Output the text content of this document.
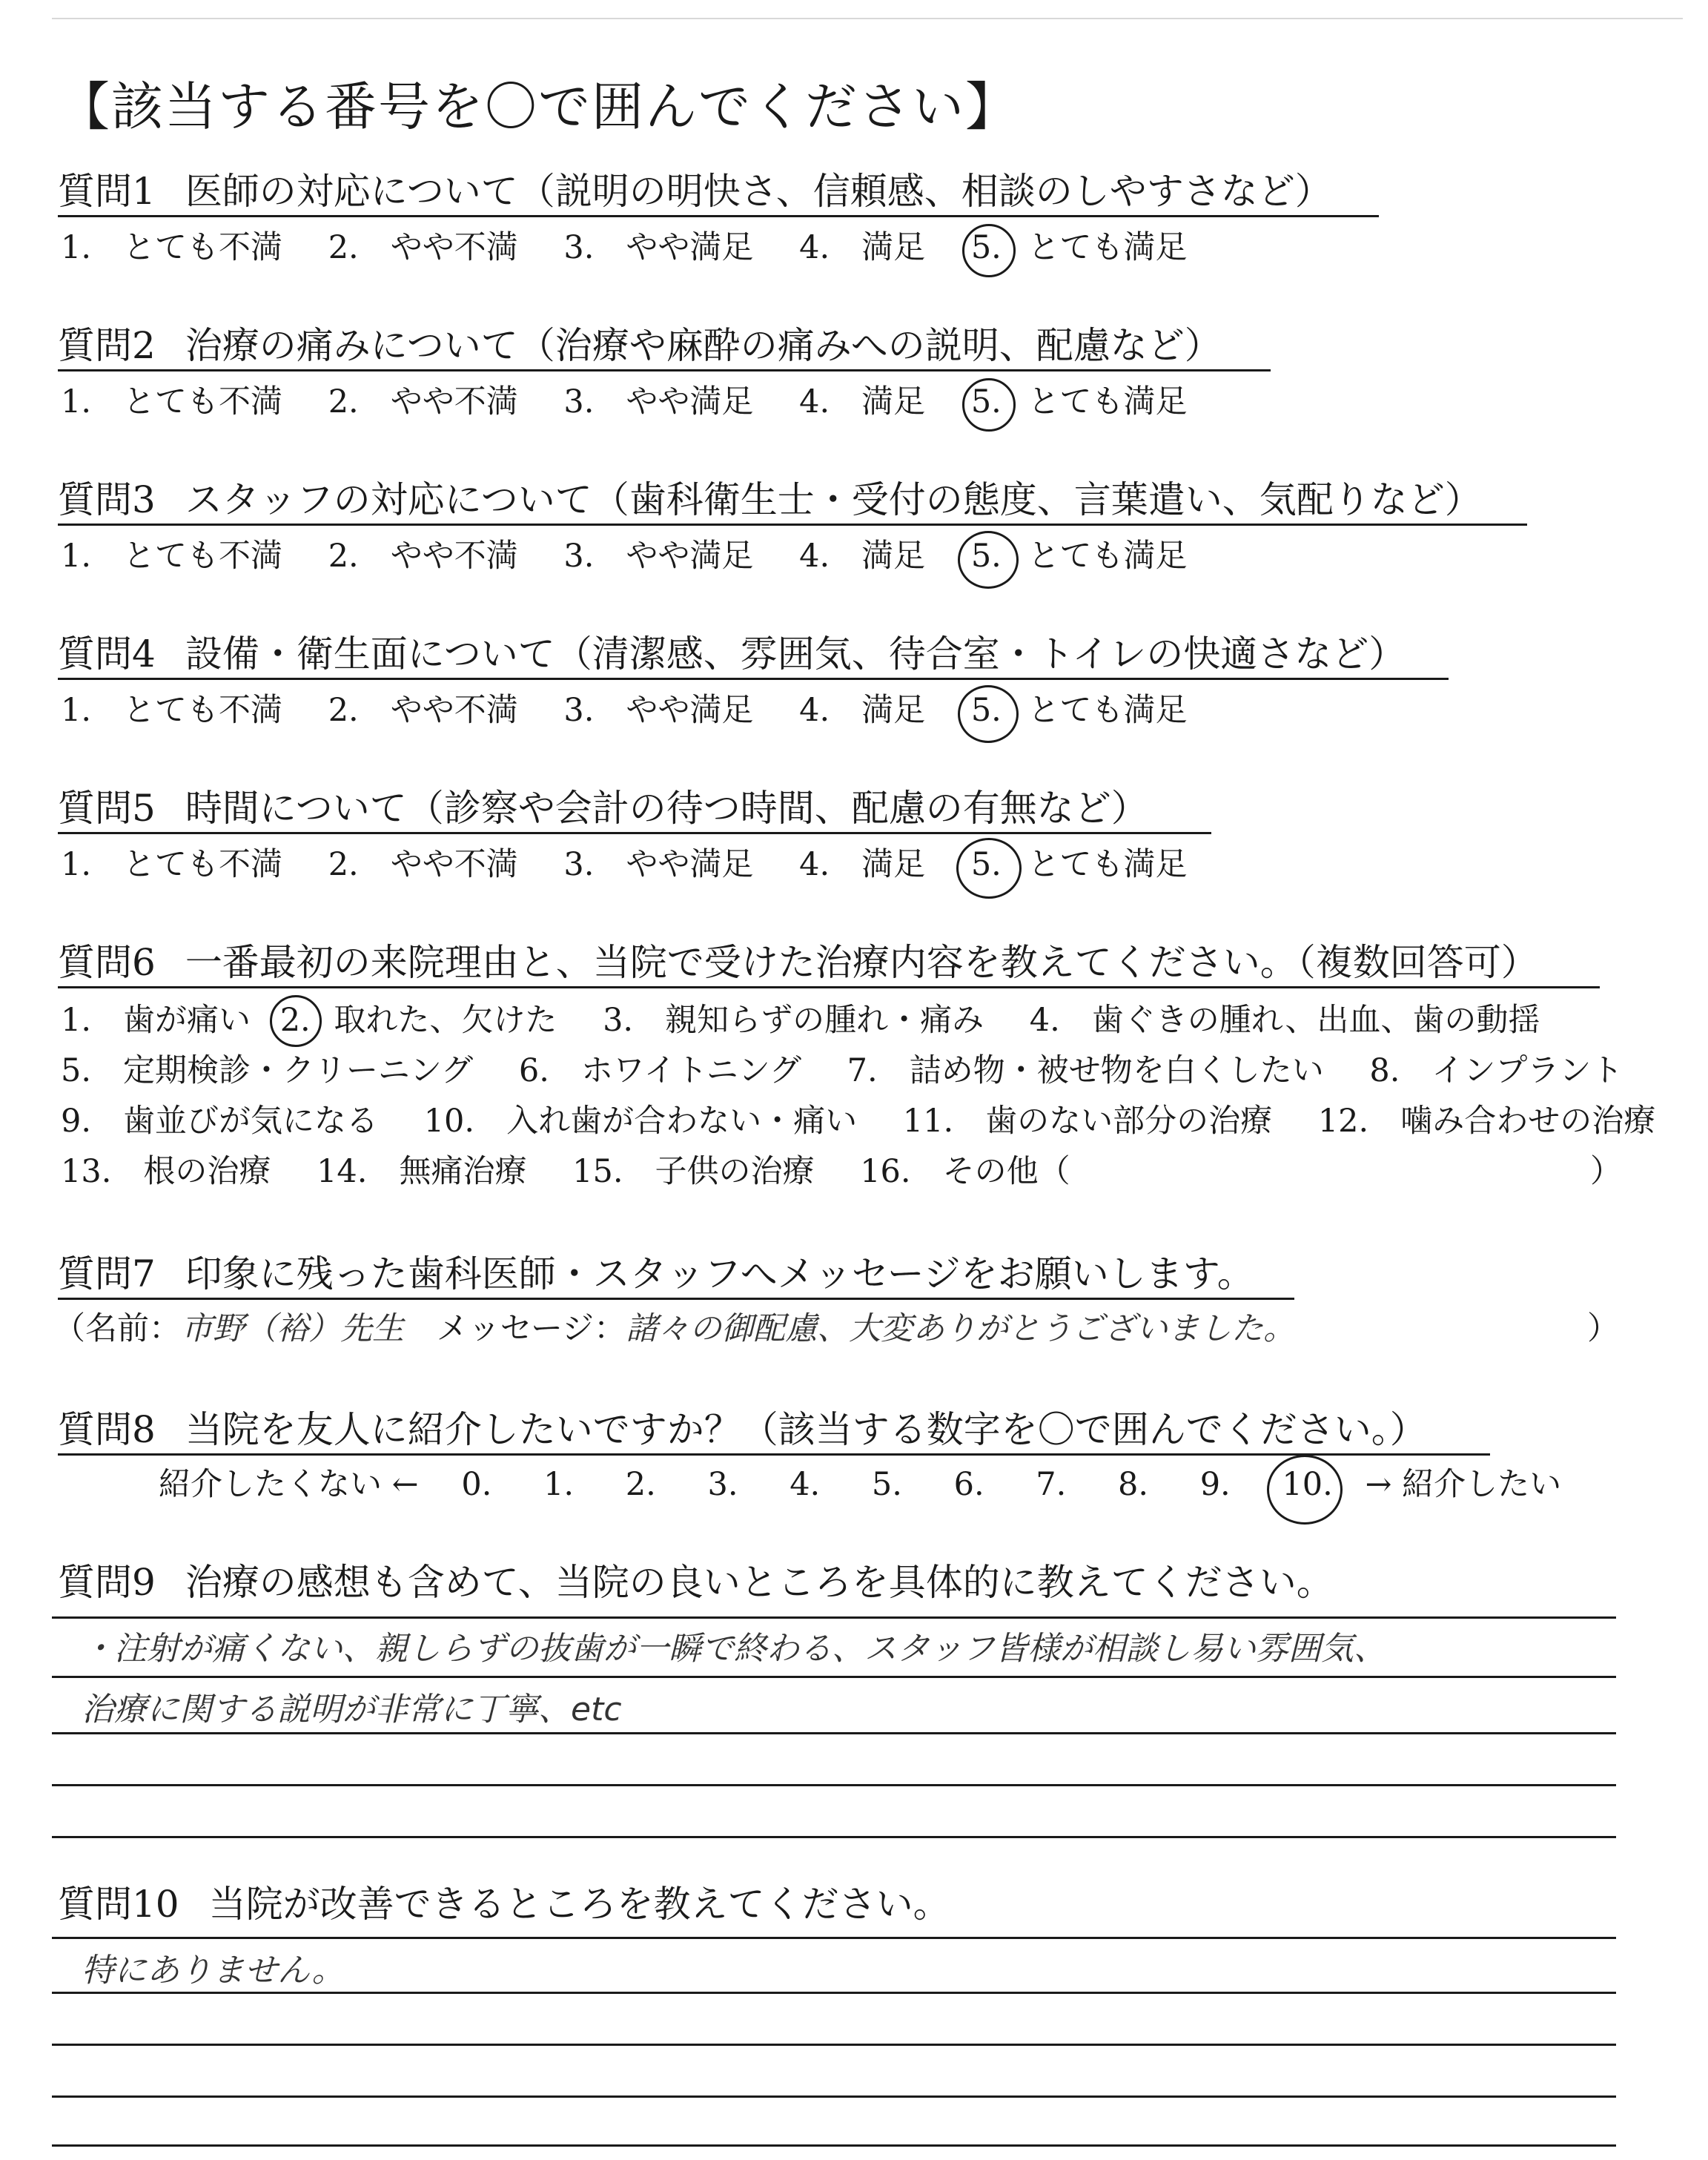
【該当する番号を〇で囲んでください】
質問1 医師の対応について（説明の明快さ、信頼感、相談のしやすさなど）
1.　とても不満 2.　やや不満 3.　やや満足 4.　満足 5. とても満足
質問2 治療の痛みについて（治療や麻酔の痛みへの説明、配慮など）
1.　とても不満 2.　やや不満 3.　やや満足 4.　満足 5. とても満足
質問3 スタッフの対応について（歯科衛生士・受付の態度、言葉遣い、気配りなど）
1.　とても不満 2.　やや不満 3.　やや満足 4.　満足 5. とても満足
質問4 設備・衛生面について（清潔感、雰囲気、待合室・トイレの快適さなど）
1.　とても不満 2.　やや不満 3.　やや満足 4.　満足 5. とても満足
質問5 時間について（診察や会計の待つ時間、配慮の有無など）
1.　とても不満 2.　やや不満 3.　やや満足 4.　満足 5. とても満足
質問6 一番最初の来院理由と、当院で受けた治療内容を教えてください。（複数回答可）
1.　歯が痛い 2. 取れた、欠けた 3.　親知らずの腫れ・痛み 4.　歯ぐきの腫れ、出血、歯の動揺
5.　定期検診・クリーニング 6.　ホワイトニング 7.　詰め物・被せ物を白くしたい 8.　インプラント
9.　歯並びが気になる 10.　入れ歯が合わない・痛い 11.　歯のない部分の治療 12.　噛み合わせの治療
13.　根の治療 14.　無痛治療 15.　子供の治療 16.　その他（	）
質問7 印象に残った歯科医師・スタッフへメッセージをお願いします。
（名前：市野（裕）先生 メッセージ：諸々の御配慮、大変ありがとうございました。	）
質問8 当院を友人に紹介したいですか？（該当する数字を〇で囲んでください。）
紹介したくない ← 0. 1. 2. 3. 4. 5. 6. 7. 8. 9. 10. → 紹介したい
質問9 治療の感想も含めて、当院の良いところを具体的に教えてください。
・注射が痛くない、親しらずの抜歯が一瞬で終わる、スタッフ皆様が相談し易い雰囲気、
治療に関する説明が非常に丁寧、etc
質問10 当院が改善できるところを教えてください。
特にありません。
